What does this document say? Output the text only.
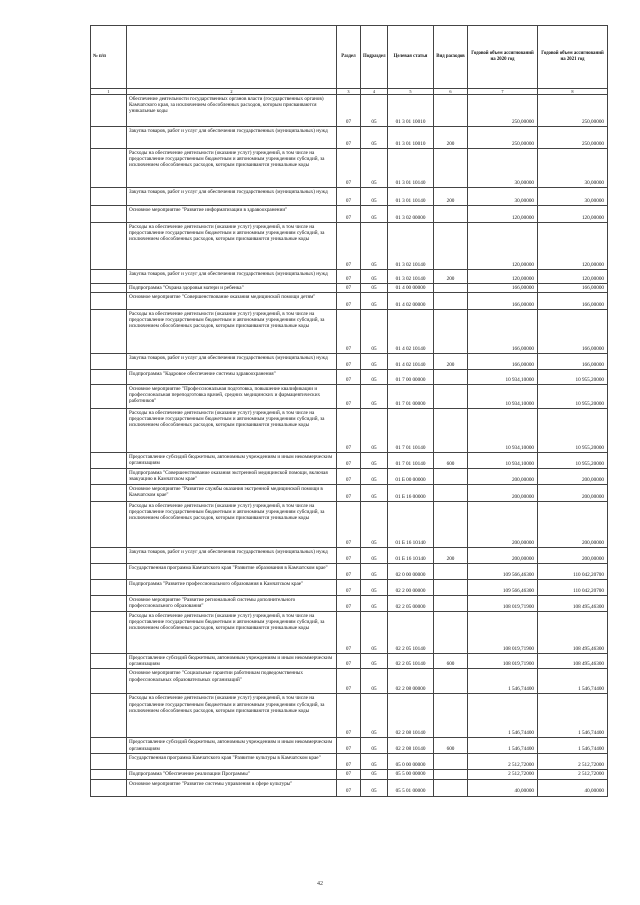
№ п/п		Раздел	Подраздел	Целевая статья	Вид расходов	Годовой объем ассигнований на 2020 год	Годовой объем ассигнований на 2021 год
1	2	3	4	5	6	7	8
	Обеспечение деятельности государственных органов власти (государственных органов) Камчатского края, за исключением обособленных расходов, которым присваиваются уникальные коды	07	05	01 3 01 10010		250,00000	250,00000
	Закупка товаров, работ и услуг для обеспечения государственных (муниципальных) нужд	07	05	01 3 01 10010	200	250,00000	250,00000
	Расходы на обеспечение деятельности (оказание услуг) учреждений, в том числе на предоставление государственным бюджетным и автономным учреждениям субсидий, за исключением обособленных расходов, которым присваиваются уникальные коды	07	05	01 3 01 10140		30,00000	30,00000
	Закупка товаров, работ и услуг для обеспечения государственных (муниципальных) нужд	07	05	01 3 01 10140	200	30,00000	30,00000
	Основное мероприятие "Развитие информатизации в здравоохранении"	07	05	01 3 02 00000		120,00000	120,00000
	Расходы на обеспечение деятельности (оказание услуг) учреждений, в том числе на предоставление государственным бюджетным и автономным учреждениям субсидий, за исключением обособленных расходов, которым присваиваются уникальные коды	07	05	01 3 02 10140		120,00000	120,00000
	Закупка товаров, работ и услуг для обеспечения государственных (муниципальных) нужд	07	05	01 3 02 10140	200	120,00000	120,00000
	Подпрограмма "Охрана здоровья матери и ребенка"	07	05	01 4 00 00000		166,00000	166,00000
	Основное мероприятие "Совершенствование оказания медицинской помощи детям"	07	05	01 4 02 00000		166,00000	166,00000
	Расходы на обеспечение деятельности (оказание услуг) учреждений, в том числе на предоставление государственным бюджетным и автономным учреждениям субсидий, за исключением обособленных расходов, которым присваиваются уникальные коды	07	05	01 4 02 10140		166,00000	166,00000
	Закупка товаров, работ и услуг для обеспечения государственных (муниципальных) нужд	07	05	01 4 02 10140	200	166,00000	166,00000
	Подпрограмма "Кадровое обеспечение системы здравоохранения"	07	05	01 7 00 00000		10 934,10000	10 955,20000
	Основное мероприятие "Профессиональная подготовка, повышение квалификации и профессиональная переподготовка врачей, средних медицинских и фармацевтических работников"	07	05	01 7 01 00000		10 934,10000	10 955,20000
	Расходы на обеспечение деятельности (оказание услуг) учреждений, в том числе на предоставление государственным бюджетным и автономным учреждениям субсидий, за исключением обособленных расходов, которым присваиваются уникальные коды	07	05	01 7 01 10140		10 934,10000	10 955,20000
	Предоставление субсидий бюджетным, автономным учреждениям и иным некоммерческим организациям	07	05	01 7 01 10140	600	10 934,10000	10 955,20000
	Подпрограмма "Совершенствование оказания экстренной медицинской помощи, включая эвакуацию в Камчатском крае"	07	05	01 Б 00 00000		200,00000	200,00000
	Основное мероприятие "Развитие службы оказания экстренной медицинской помощи в Камчатском крае"	07	05	01 Б 16 00000		200,00000	200,00000
	Расходы на обеспечение деятельности (оказание услуг) учреждений, в том числе на предоставление государственным бюджетным и автономным учреждениям субсидий, за исключением обособленных расходов, которым присваиваются уникальные коды	07	05	01 Б 16 10140		200,00000	200,00000
	Закупка товаров, работ и услуг для обеспечения государственных (муниципальных) нужд	07	05	01 Б 16 10140	200	200,00000	200,00000
	Государственная программа Камчатского края "Развитие образования в Камчатском крае"	07	05	02 0 00 00000		109 566,46300	110 042,20700
	Подпрограмма "Развитие профессионального образования в Камчатском крае"	07	05	02 2 00 00000		109 566,46300	110 042,20700
	Основное мероприятие "Развитие региональной системы дополнительного профессионального образования"	07	05	02 2 05 00000		108 019,71900	108 495,46300
	Расходы на обеспечение деятельности (оказание услуг) учреждений, в том числе на предоставление государственным бюджетным и автономным учреждениям субсидий, за исключением обособленных расходов, которым присваиваются уникальные коды	07	05	02 2 05 10140		108 019,71900	108 495,46300
	Предоставление субсидий бюджетным, автономным учреждениям и иным некоммерческим организациям	07	05	02 2 05 10140	600	108 019,71900	108 495,46300
	Основное мероприятие "Социальные гарантии работникам подведомственных профессиональных образовательных организаций"	07	05	02 2 08 00000		1 546,74400	1 546,74400
	Расходы на обеспечение деятельности (оказание услуг) учреждений, в том числе на предоставление государственным бюджетным и автономным учреждениям субсидий, за исключением обособленных расходов, которым присваиваются уникальные коды	07	05	02 2 08 10140		1 546,74400	1 546,74400
	Предоставление субсидий бюджетным, автономным учреждениям и иным некоммерческим организациям	07	05	02 2 08 10140	600	1 546,74400	1 546,74400
	Государственная программа Камчатского края "Развитие культуры в Камчатском крае"	07	05	05 0 00 00000		2 512,72000	2 512,72000
	Подпрограмма "Обеспечение реализации Программы"	07	05	05 5 00 00000		2 512,72000	2 512,72000
	Основное мероприятие "Развитие системы управления в сфере культуры"	07	05	05 5 01 00000		40,00000	40,00000
42
